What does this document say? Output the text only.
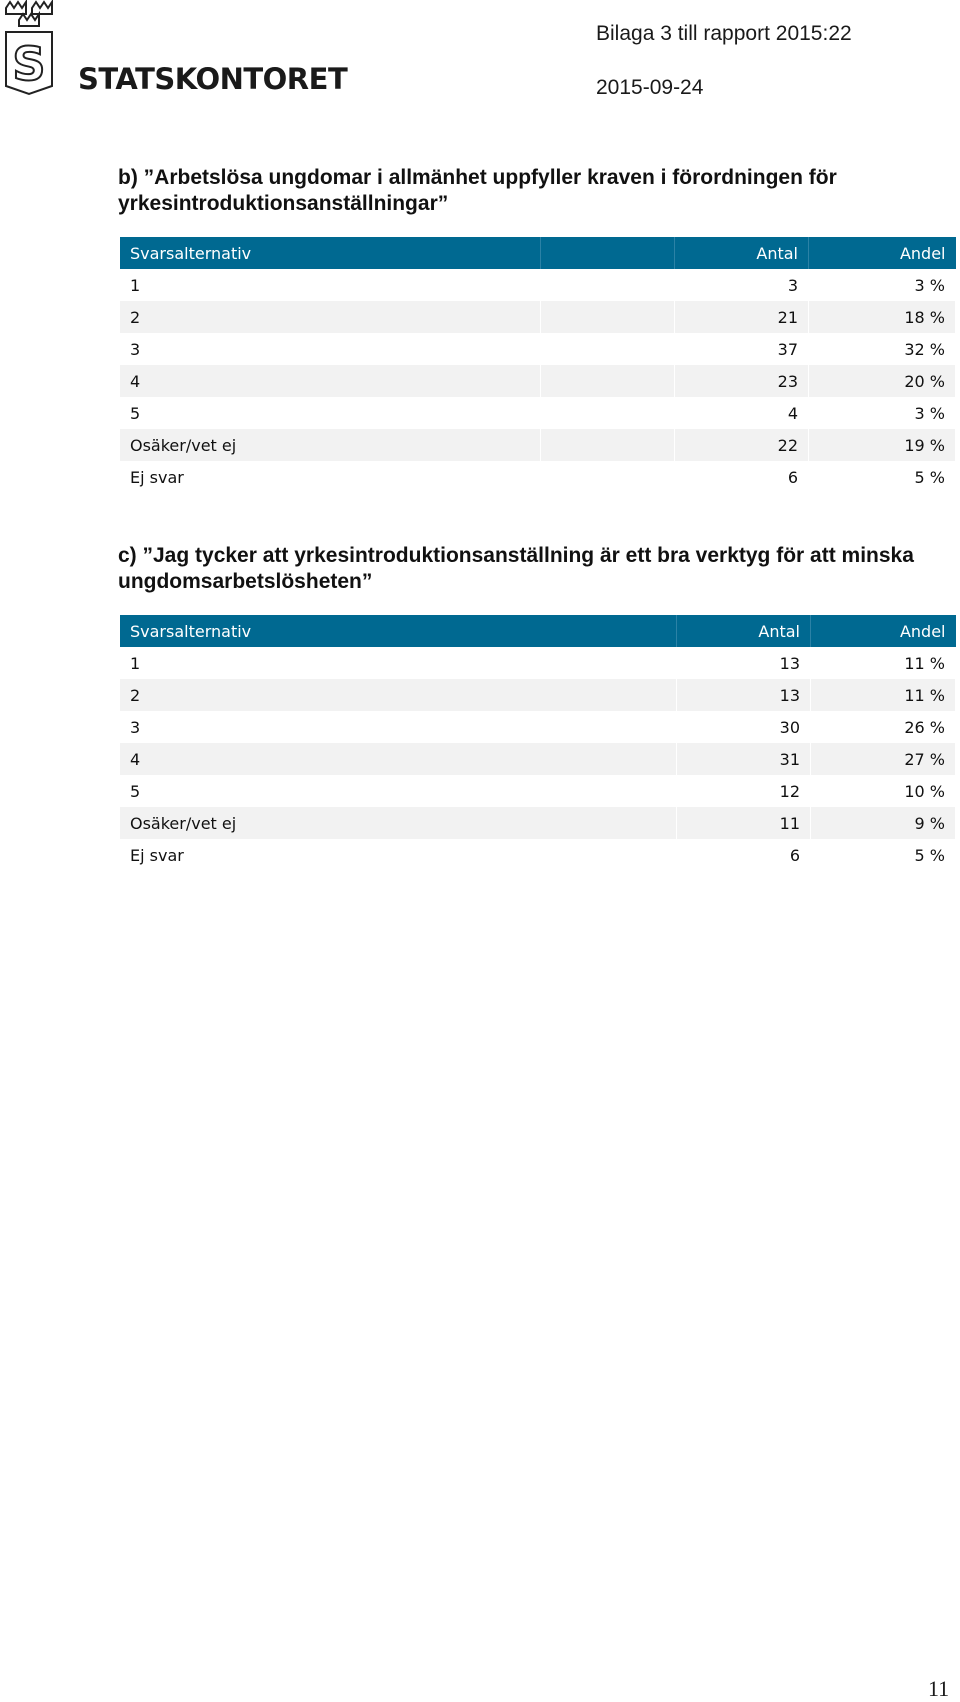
S STATSKONTORET
Bilaga 3 till rapport 2015:22
2015-09-24
b) ”Arbetslösa ungdomar i allmänhet uppfyller kraven i förordningen för yrkesintroduktionsanställningar”
Svarsalternativ		Antal	Andel
1		3	3 %
2		21	18 %
3		37	32 %
4		23	20 %
5		4	3 %
Osäker/vet ej		22	19 %
Ej svar		6	5 %
c) ”Jag tycker att yrkesintroduktionsanställning är ett bra verktyg för att minska ungdomsarbetslösheten”
Svarsalternativ	Antal	Andel
1	13	11 %
2	13	11 %
3	30	26 %
4	31	27 %
5	12	10 %
Osäker/vet ej	11	9 %
Ej svar	6	5 %
11
